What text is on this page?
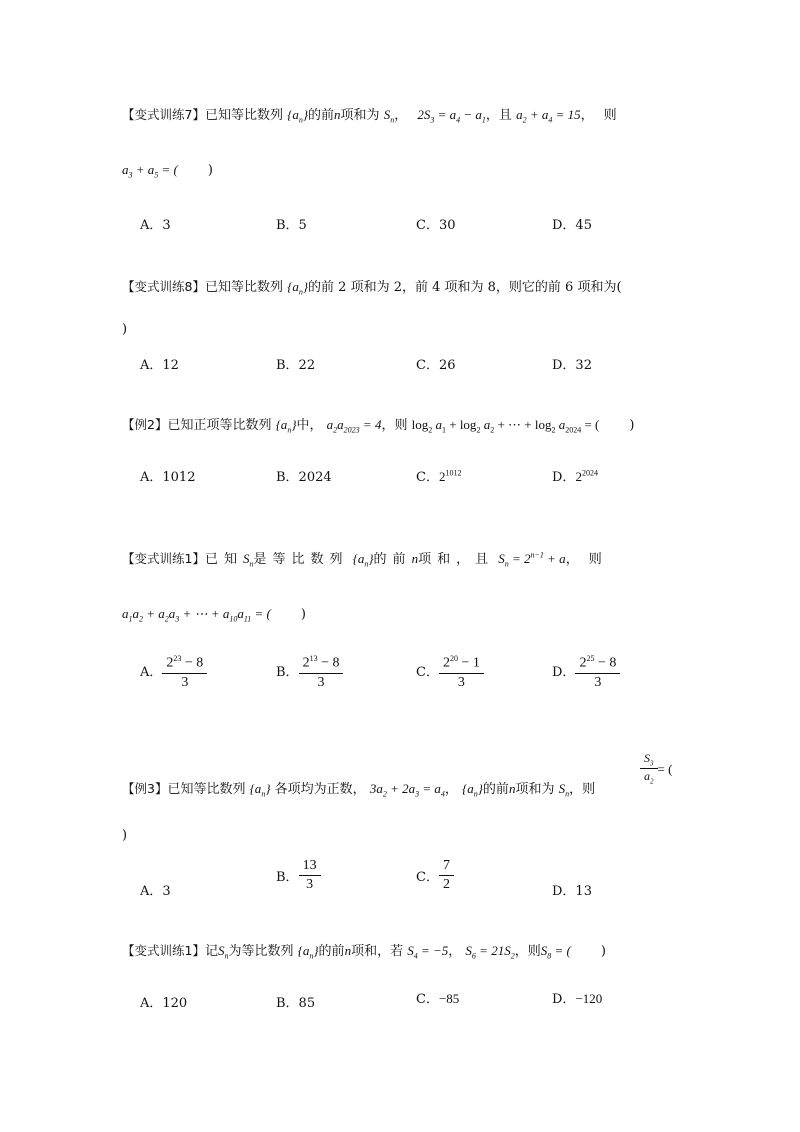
【变式训练7】已知等比数列 $\{a_n\}$的前n项和为 $S_n$， $2S_3 = a_4 - a_1$，且 $a_2 + a_4 = 15$， 则
$a_3 + a_5$ = ( )
A．3	B．5	C．30	D．45
【变式训练8】已知等比数列 $\{a_n\}$的前 2 项和为 2，前 4 项和为 8，则它的前 6 项和为(
)
A．12	B．22	C．26	D．32
【例2】已知正项等比数列 $\{a_n\}$中， $a_2a_{2023} = 4$，则 $\log_2 a_1 + \log_2 a_2$ + ⋯ + $\log_2 a_{2024}$ = ( )
A．1012	B．2024	C．$2^{1012}$	D．$2^{2024}$
【变式训练1】已知$S_n$是等比数列 $\{a_n\}$的前n项和，且 $S_n = 2^{n-1} + a$， 则
$a_1a_2 + a_2a_3$ + ⋯ + $a_{10}a_{11}$ = ( )
A． $\frac{2^{23} - 8}{3}$	B． $\frac{2^{13} - 8}{3}$	C． $\frac{2^{20} - 1}{3}$	D． $\frac{2^{25} - 8}{3}$
【例3】已知等比数列 $\{a_n\}$ 各项均为正数， $3a_2 + 2a_3 = a_4$， $\{a_n\}$的前n项和为 $S_n$，则
$\frac{S_3}{a_2}$ = (
)
A．3
B． $\frac{13}{3}$	C． $\frac{7}{2}$	D．13
【变式训练1】记$S_n$为等比数列 $\{a_n\}$的前n项和，若 $S_4 = -5$， $S_6 = 21S_2$，则$S_8$ = ( )
A．120	B．85	C．−85	D．−120
